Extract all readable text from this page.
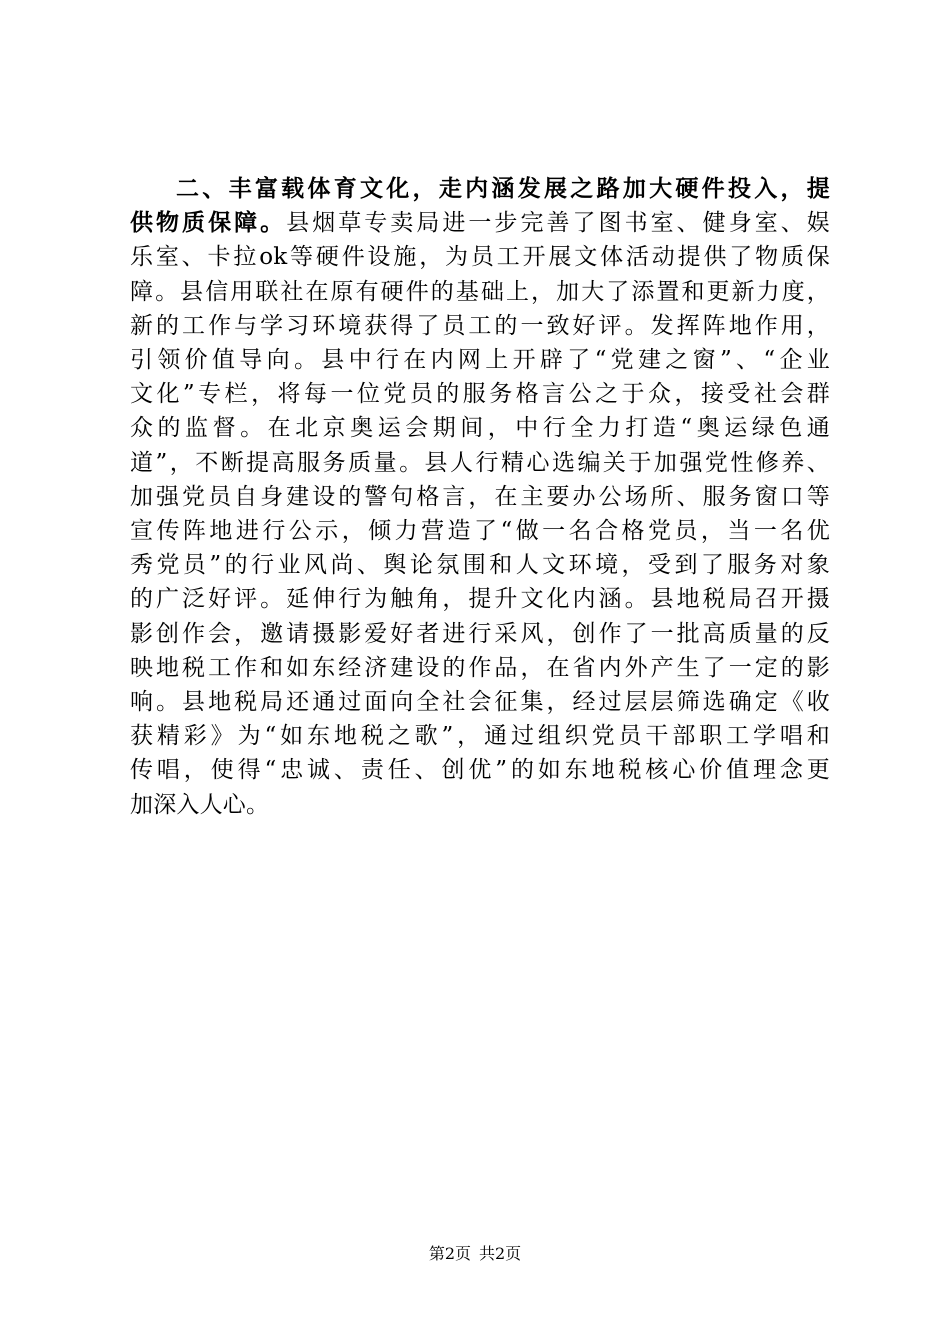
二、丰富载体育文化，走内涵发展之路加大硬件投入，提
供物质保障。县烟草专卖局进一步完善了图书室、健身室、娱
乐室、卡拉ok等硬件设施，为员工开展文体活动提供了物质保
障。县信用联社在原有硬件的基础上，加大了添置和更新力度，
新的工作与学习环境获得了员工的一致好评。发挥阵地作用，
引领价值导向。县中行在内网上开辟了“党建之窗”、“企业
文化”专栏，将每一位党员的服务格言公之于众，接受社会群
众的监督。在北京奥运会期间，中行全力打造“奥运绿色通
道”，不断提高服务质量。县人行精心选编关于加强党性修养、
加强党员自身建设的警句格言，在主要办公场所、服务窗口等
宣传阵地进行公示，倾力营造了“做一名合格党员，当一名优
秀党员”的行业风尚、舆论氛围和人文环境，受到了服务对象
的广泛好评。延伸行为触角，提升文化内涵。县地税局召开摄
影创作会，邀请摄影爱好者进行采风，创作了一批高质量的反
映地税工作和如东经济建设的作品，在省内外产生了一定的影
响。县地税局还通过面向全社会征集，经过层层筛选确定《收
获精彩》为“如东地税之歌”，通过组织党员干部职工学唱和
传唱，使得“忠诚、责任、创优”的如东地税核心价值理念更
加深入人心。
第2页 共2页
